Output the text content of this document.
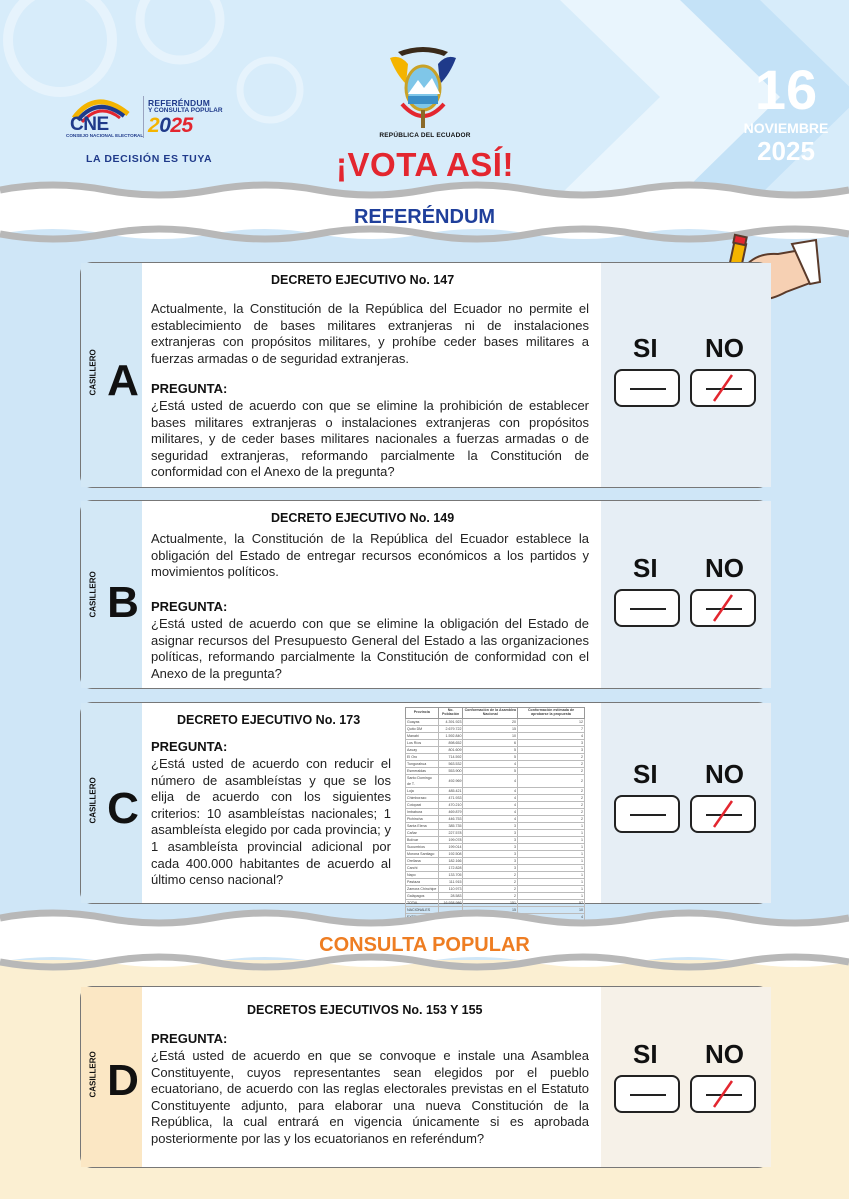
CNE
CONSEJO NACIONAL ELECTORAL
REFERÉNDUM
Y CONSULTA POPULAR
2025
LA DECISIÓN ES TUYA
REPÚBLICA DEL ECUADOR
¡VOTA ASÍ!
16
NOVIEMBRE
2025
REFERÉNDUM
CASILLERO A
DECRETO EJECUTIVO No. 147
Actualmente, la Constitución de la República del Ecuador no permite el establecimiento de bases militares extranjeras ni de instalaciones extranjeras con propósitos militares, y prohíbe ceder bases militares a fuerzas armadas o de seguridad extranjeras.
PREGUNTA:
¿Está usted de acuerdo con que se elimine la prohibición de establecer bases militares extranjeras o instalaciones extranjeras con propósitos militares, y de ceder bases militares nacionales a fuerzas armadas o de seguridad extranjeras, reformando parcialmente la Constitución de conformidad con el Anexo de la pregunta?
SI NO
CASILLERO B
DECRETO EJECUTIVO No. 149
Actualmente, la Constitución de la República del Ecuador establece la obligación del Estado de entregar recursos económicos a los partidos y movimientos políticos.
PREGUNTA:
¿Está usted de acuerdo con que se elimine la obligación del Estado de asignar recursos del Presupuesto General del Estado a las organizaciones políticas, reformando parcialmente la Constitución de conformidad con el Anexo de la pregunta?
SI NO
CASILLERO C
DECRETO EJECUTIVO No. 173
PREGUNTA:
¿Está usted de acuerdo con reducir el número de asambleístas y que se los elija de acuerdo con los siguientes criterios: 10 asambleístas nacionales; 1 asambleísta elegido por cada provincia; y 1 asambleísta provincial adicional por cada 400.000 habitantes de acuerdo al último censo nacional?
Provincia	No. Población	Conformación de la Asamblea Nacional	Conformación estimada de aprobarse la propuesta
Guayas	4.391.923	20	12
Quito DM	2.679.722	15	7
Manabí	1.592.840	10	4
Los Ríos	898.652	6	3
Azuay	801.609	5	3
El Oro	714.592	5	2
Tungurahua	563.532	4	2
Esmeraldas	553.900	5	2
Santo Domingo de T.	492.969	4	2
Loja	485.421	4	2
Chimborazo	471.933	4	2
Cotopaxi	470.210	4	2
Imbabura	469.879	4	2
Pichincha	446.753	4	2
Santa Elena	385.735	3	1
Cañar	227.578	3	1
Bolívar	199.078	3	1
Sucumbíos	199.014	3	1
Morona Santiago	192.508	3	1
Orellana	182.166	3	1
Carchi	172.828	3	1
Napo	133.705	2	1
Pastaza	111.915	2	1
Zamora Chinchipe	110.973	2	1
Galápagos	28.583	2	1
TOTAL	16.938.986	151	57
NACIONALES		15	10
EXTERIOR			4

SI NO
CONSULTA POPULAR
CASILLERO D
DECRETOS EJECUTIVOS No. 153 Y 155
PREGUNTA:
¿Está usted de acuerdo en que se convoque e instale una Asamblea Constituyente, cuyos representantes sean elegidos por el pueblo ecuatoriano, de acuerdo con las reglas electorales previstas en el Estatuto Constituyente adjunto, para elaborar una nueva Constitución de la República, la cual entrará en vigencia únicamente si es aprobada posteriormente por las y los ecuatorianos en referéndum?
SI NO
